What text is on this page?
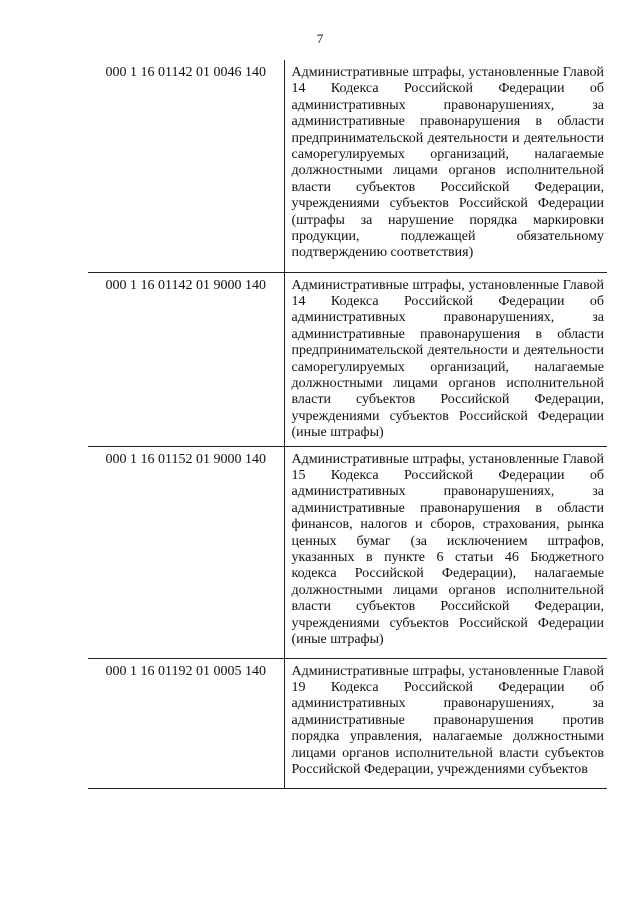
7
000 1 16 01142 01 0046 140	Административные штрафы, установленные Главой 14 Кодекса Российской Федерации об административных правонарушениях, за административные правонарушения в области предпринимательской деятельности и деятельности саморегулируемых организаций, налагаемые должностными лицами органов исполнительной власти субъектов Российской Федерации, учреждениями субъектов Российской Федерации (штрафы за нарушение порядка маркировки продукции, подлежащей обязательному подтверждению соответствия)
000 1 16 01142 01 9000 140	Административные штрафы, установленные Главой 14 Кодекса Российской Федерации об административных правонарушениях, за административные правонарушения в области предпринимательской деятельности и деятельности саморегулируемых организаций, налагаемые должностными лицами органов исполнительной власти субъектов Российской Федерации, учреждениями субъектов Российской Федерации (иные штрафы)
000 1 16 01152 01 9000 140	Административные штрафы, установленные Главой 15 Кодекса Российской Федерации об административных правонарушениях, за административные правонарушения в области финансов, налогов и сборов, страхования, рынка ценных бумаг (за исключением штрафов, указанных в пункте 6 статьи 46 Бюджетного кодекса Российской Федерации), налагаемые должностными лицами органов исполнительной власти субъектов Российской Федерации, учреждениями субъектов Российской Федерации (иные штрафы)
000 1 16 01192 01 0005 140	Административные штрафы, установленные Главой 19 Кодекса Российской Федерации об административных правонарушениях, за административные правонарушения против порядка управления, налагаемые должностными лицами органов исполнительной власти субъектов Российской Федерации, учреждениями субъектов
